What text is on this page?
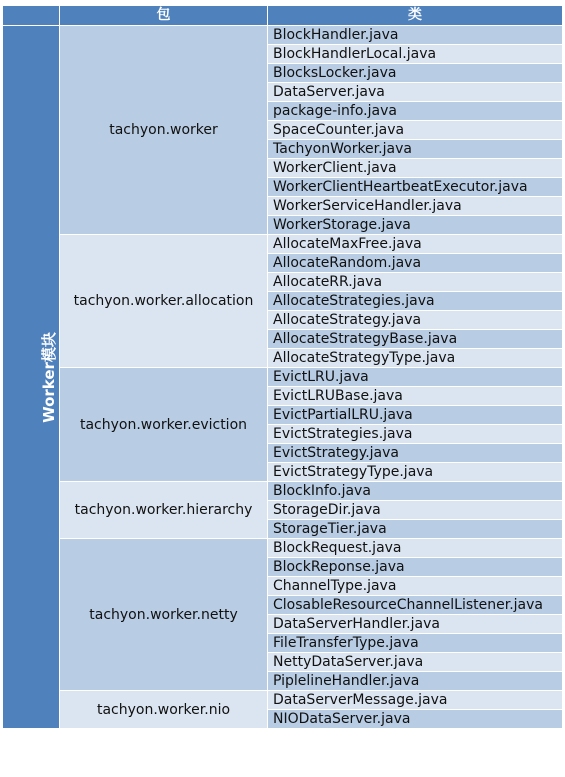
	包	类
Worker模块	tachyon.worker	BlockHandler.java
		BlockHandlerLocal.java
		BlocksLocker.java
		DataServer.java
		package-info.java
		SpaceCounter.java
		TachyonWorker.java
		WorkerClient.java
		WorkerClientHeartbeatExecutor.java
		WorkerServiceHandler.java
		WorkerStorage.java
	tachyon.worker.allocation	AllocateMaxFree.java
		AllocateRandom.java
		AllocateRR.java
		AllocateStrategies.java
		AllocateStrategy.java
		AllocateStrategyBase.java
		AllocateStrategyType.java
	tachyon.worker.eviction	EvictLRU.java
		EvictLRUBase.java
		EvictPartialLRU.java
		EvictStrategies.java
		EvictStrategy.java
		EvictStrategyType.java
	tachyon.worker.hierarchy	BlockInfo.java
		StorageDir.java
		StorageTier.java
	tachyon.worker.netty	BlockRequest.java
		BlockReponse.java
		ChannelType.java
		ClosableResourceChannelListener.java
		DataServerHandler.java
		FileTransferType.java
		NettyDataServer.java
		PiplelineHandler.java
	tachyon.worker.nio	DataServerMessage.java
		NIODataServer.java
